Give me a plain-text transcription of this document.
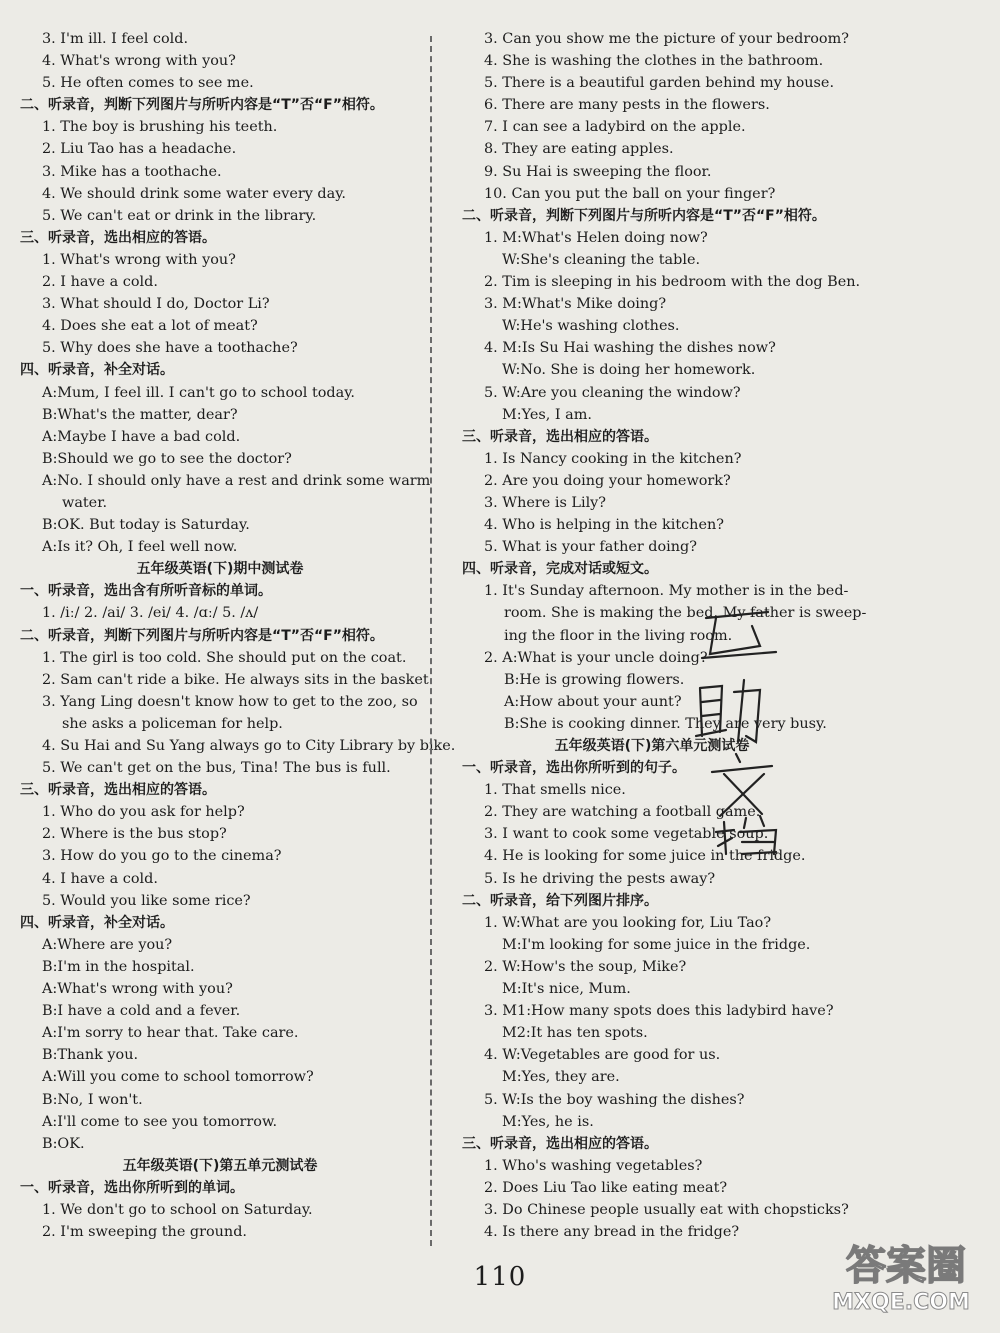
3. I'm ill. I feel cold.
4. What's wrong with you?
5. He often comes to see me.
二、听录音，判断下列图片与所听内容是“T”否“F”相符。
1. The boy is brushing his teeth.
2. Liu Tao has a headache.
3. Mike has a toothache.
4. We should drink some water every day.
5. We can't eat or drink in the library.
三、听录音，选出相应的答语。
1. What's wrong with you?
2. I have a cold.
3. What should I do, Doctor Li?
4. Does she eat a lot of meat?
5. Why does she have a toothache?
四、听录音，补全对话。
A:Mum, I feel ill. I can't go to school today.
B:What's the matter, dear?
A:Maybe I have a bad cold.
B:Should we go to see the doctor?
A:No. I should only have a rest and drink some warm
water.
B:OK. But today is Saturday.
A:Is it? Oh, I feel well now.
五年级英语(下)期中测试卷
一、听录音，选出含有所听音标的单词。
1. /iː/ 2. /ai/ 3. /ei/ 4. /ɑː/ 5. /ʌ/
二、听录音，判断下列图片与所听内容是“T”否“F”相符。
1. The girl is too cold. She should put on the coat.
2. Sam can't ride a bike. He always sits in the basket.
3. Yang Ling doesn't know how to get to the zoo, so
she asks a policeman for help.
4. Su Hai and Su Yang always go to City Library by bike.
5. We can't get on the bus, Tina! The bus is full.
三、听录音，选出相应的答语。
1. Who do you ask for help?
2. Where is the bus stop?
3. How do you go to the cinema?
4. I have a cold.
5. Would you like some rice?
四、听录音，补全对话。
A:Where are you?
B:I'm in the hospital.
A:What's wrong with you?
B:I have a cold and a fever.
A:I'm sorry to hear that. Take care.
B:Thank you.
A:Will you come to school tomorrow?
B:No, I won't.
A:I'll come to see you tomorrow.
B:OK.
五年级英语(下)第五单元测试卷
一、听录音，选出你所听到的单词。
1. We don't go to school on Saturday.
2. I'm sweeping the ground.
3. Can you show me the picture of your bedroom?
4. She is washing the clothes in the bathroom.
5. There is a beautiful garden behind my house.
6. There are many pests in the flowers.
7. I can see a ladybird on the apple.
8. They are eating apples.
9. Su Hai is sweeping the floor.
10. Can you put the ball on your finger?
二、听录音，判断下列图片与所听内容是“T”否“F”相符。
1. M:What's Helen doing now?
W:She's cleaning the table.
2. Tim is sleeping in his bedroom with the dog Ben.
3. M:What's Mike doing?
W:He's washing clothes.
4. M:Is Su Hai washing the dishes now?
W:No. She is doing her homework.
5. W:Are you cleaning the window?
M:Yes, I am.
三、听录音，选出相应的答语。
1. Is Nancy cooking in the kitchen?
2. Are you doing your homework?
3. Where is Lily?
4. Who is helping in the kitchen?
5. What is your father doing?
四、听录音，完成对话或短文。
1. It's Sunday afternoon. My mother is in the bed-
room. She is making the bed. My father is sweep-
ing the floor in the living room.
2. A:What is your uncle doing?
B:He is growing flowers.
A:How about your aunt?
B:She is cooking dinner. They are very busy.
五年级英语(下)第六单元测试卷
一、听录音，选出你所听到的句子。
1. That smells nice.
2. They are watching a football game.
3. I want to cook some vegetable soup.
4. He is looking for some juice in the fridge.
5. Is he driving the pests away?
二、听录音，给下列图片排序。
1. W:What are you looking for, Liu Tao?
M:I'm looking for some juice in the fridge.
2. W:How's the soup, Mike?
M:It's nice, Mum.
3. M1:How many spots does this ladybird have?
M2:It has ten spots.
4. W:Vegetables are good for us.
M:Yes, they are.
5. W:Is the boy washing the dishes?
M:Yes, he is.
三、听录音，选出相应的答语。
1. Who's washing vegetables?
2. Does Liu Tao like eating meat?
3. Do Chinese people usually eat with chopsticks?
4. Is there any bread in the fridge?
110	答案圈
MXQE.COM
